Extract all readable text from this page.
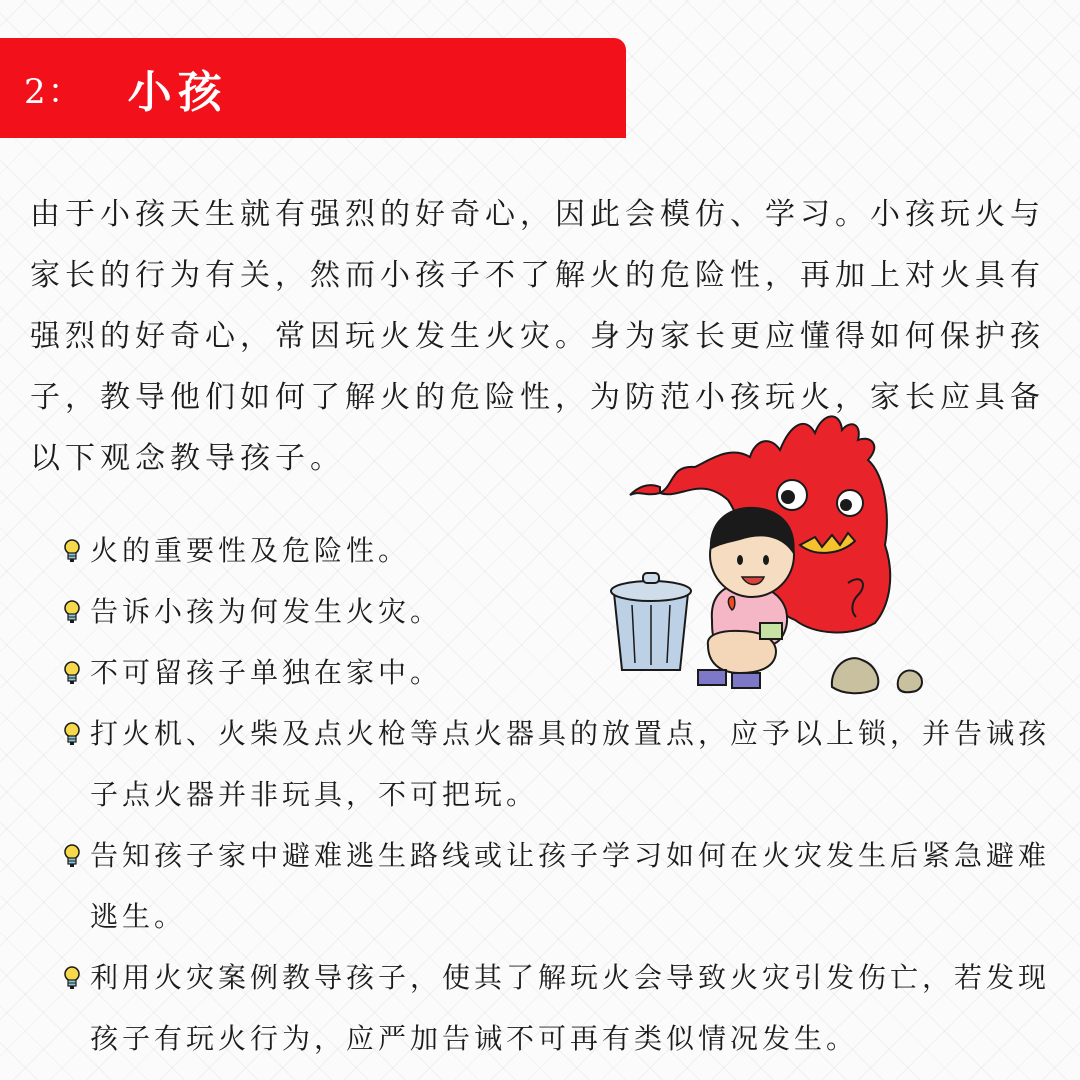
2： 小孩

由于小孩天生就有强烈的好奇心，因此会模仿、学习。小孩玩火与家长的行为有关，然而小孩子不了解火的危险性，再加上对火具有强烈的好奇心，常因玩火发生火灾。身为家长更应懂得如何保护孩子，教导他们如何了解火的危险性，为防范小孩玩火，家长应具备以下观念教导孩子。

火的重要性及危险性。
告诉小孩为何发生火灾。
不可留孩子单独在家中。
打火机、火柴及点火枪等点火器具的放置点，应予以上锁，并告诫孩子点火器并非玩具，不可把玩。
告知孩子家中避难逃生路线或让孩子学习如何在火灾发生后紧急避难逃生。
利用火灾案例教导孩子，使其了解玩火会导致火灾引发伤亡，若发现孩子有玩火行为，应严加告诫不可再有类似情况发生。
